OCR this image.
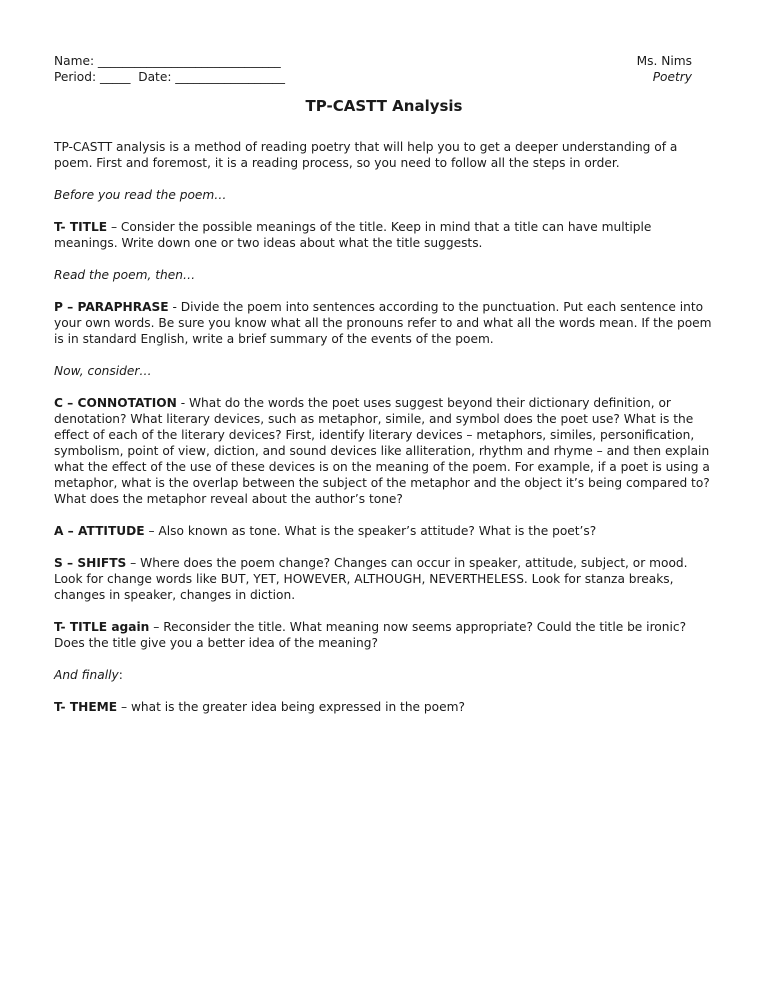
Name: ______________________________
Period: _____  Date: __________________
Ms. Nims
Poetry
TP-CASTT Analysis

TP-CASTT analysis is a method of reading poetry that will help you to get a deeper understanding of a poem. First and foremost, it is a reading process, so you need to follow all the steps in order.

Before you read the poem…

T- TITLE – Consider the possible meanings of the title. Keep in mind that a title can have multiple meanings. Write down one or two ideas about what the title suggests.

Read the poem, then…

P – PARAPHRASE - Divide the poem into sentences according to the punctuation. Put each sentence into your own words. Be sure you know what all the pronouns refer to and what all the words mean. If the poem is in standard English, write a brief summary of the events of the poem.

Now, consider…

C – CONNOTATION - What do the words the poet uses suggest beyond their dictionary definition, or denotation? What literary devices, such as metaphor, simile, and symbol does the poet use? What is the effect of each of the literary devices? First, identify literary devices – metaphors, similes, personification, symbolism, point of view, diction, and sound devices like alliteration, rhythm and rhyme – and then explain what the effect of the use of these devices is on the meaning of the poem. For example, if a poet is using a metaphor, what is the overlap between the subject of the metaphor and the object it’s being compared to? What does the metaphor reveal about the author’s tone?

A – ATTITUDE – Also known as tone. What is the speaker’s attitude? What is the poet’s?

S – SHIFTS – Where does the poem change? Changes can occur in speaker, attitude, subject, or mood. Look for change words like BUT, YET, HOWEVER, ALTHOUGH, NEVERTHELESS. Look for stanza breaks, changes in speaker, changes in diction.

T- TITLE again – Reconsider the title. What meaning now seems appropriate? Could the title be ironic? Does the title give you a better idea of the meaning?

And finally:

T- THEME – what is the greater idea being expressed in the poem?
